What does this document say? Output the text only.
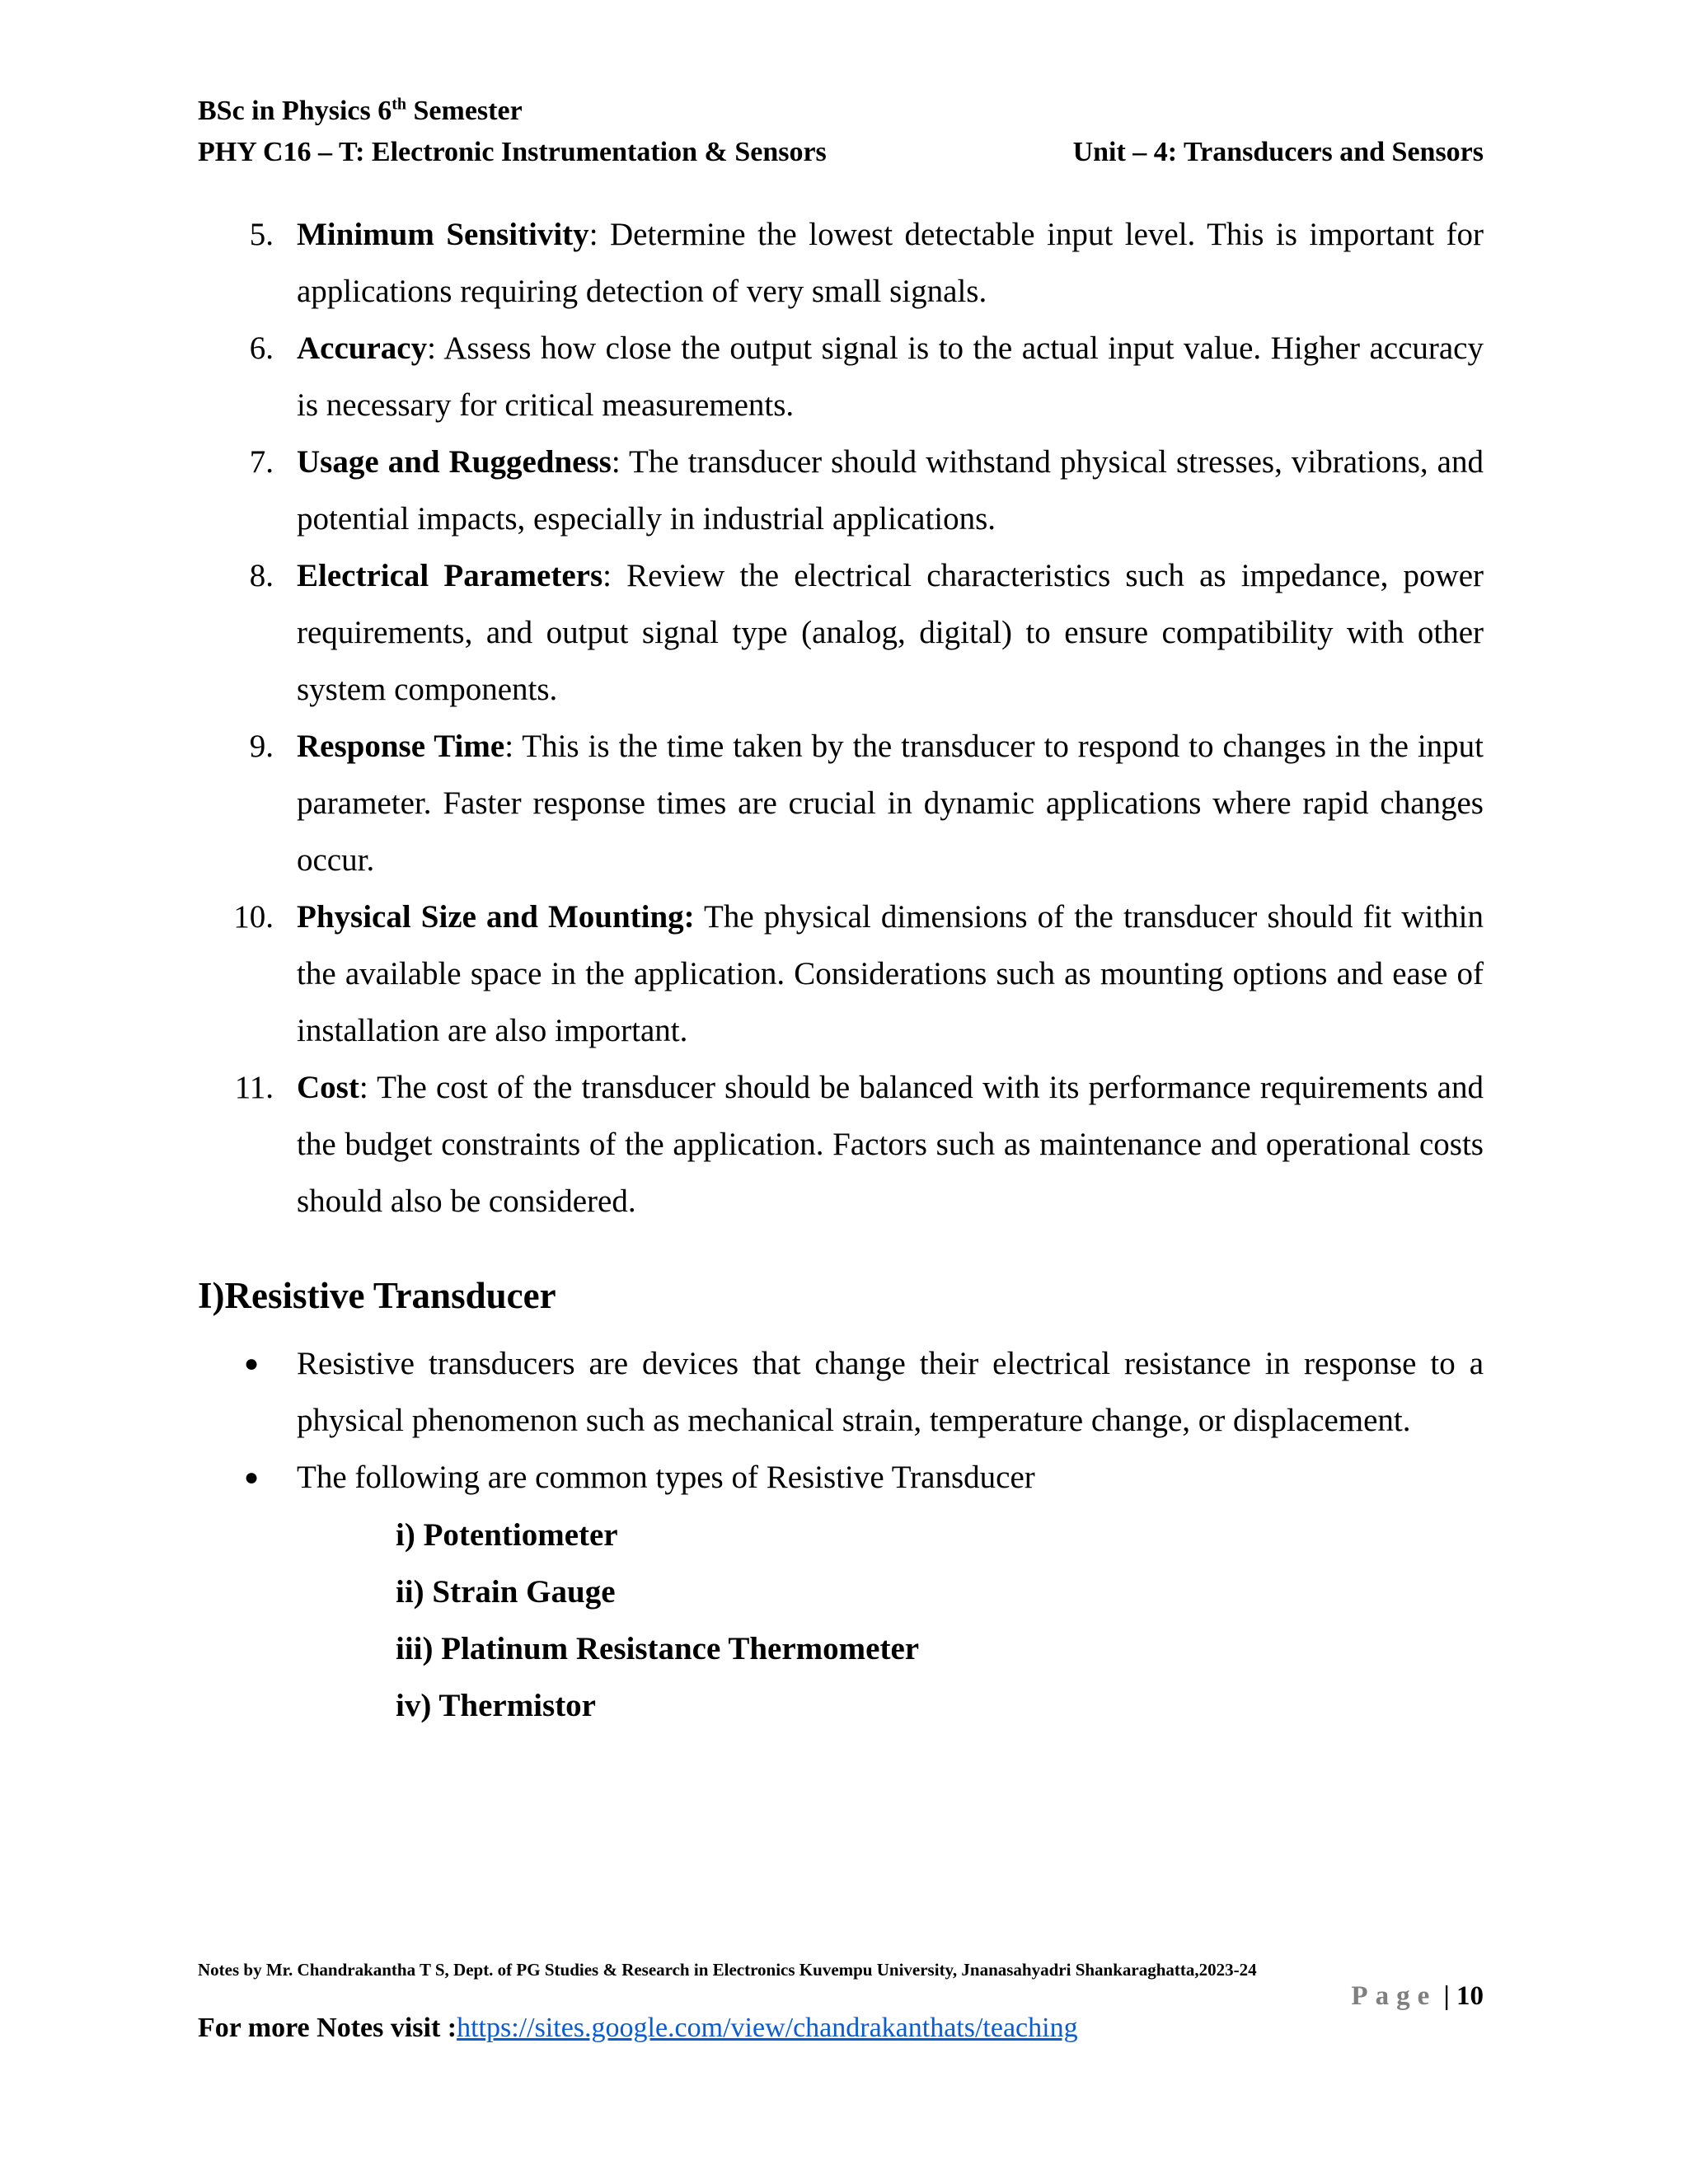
BSc in Physics 6th Semester
PHY C16 – T: Electronic Instrumentation & Sensors	Unit – 4: Transducers and Sensors
5. Minimum Sensitivity: Determine the lowest detectable input level. This is important for applications requiring detection of very small signals.
6. Accuracy: Assess how close the output signal is to the actual input value. Higher accuracy is necessary for critical measurements.
7. Usage and Ruggedness: The transducer should withstand physical stresses, vibrations, and potential impacts, especially in industrial applications.
8. Electrical Parameters: Review the electrical characteristics such as impedance, power requirements, and output signal type (analog, digital) to ensure compatibility with other system components.
9. Response Time: This is the time taken by the transducer to respond to changes in the input parameter. Faster response times are crucial in dynamic applications where rapid changes occur.
10. Physical Size and Mounting: The physical dimensions of the transducer should fit within the available space in the application. Considerations such as mounting options and ease of installation are also important.
11. Cost: The cost of the transducer should be balanced with its performance requirements and the budget constraints of the application. Factors such as maintenance and operational costs should also be considered.
I)Resistive Transducer
● Resistive transducers are devices that change their electrical resistance in response to a physical phenomenon such as mechanical strain, temperature change, or displacement.
● The following are common types of Resistive Transducer
i) Potentiometer
ii) Strain Gauge
iii) Platinum Resistance Thermometer
iv) Thermistor
Notes by Mr. Chandrakantha T S, Dept. of PG Studies & Research in Electronics Kuvempu University, Jnanasahyadri Shankaraghatta,2023-24
Page | 10
For more Notes visit :https://sites.google.com/view/chandrakanthats/teaching
